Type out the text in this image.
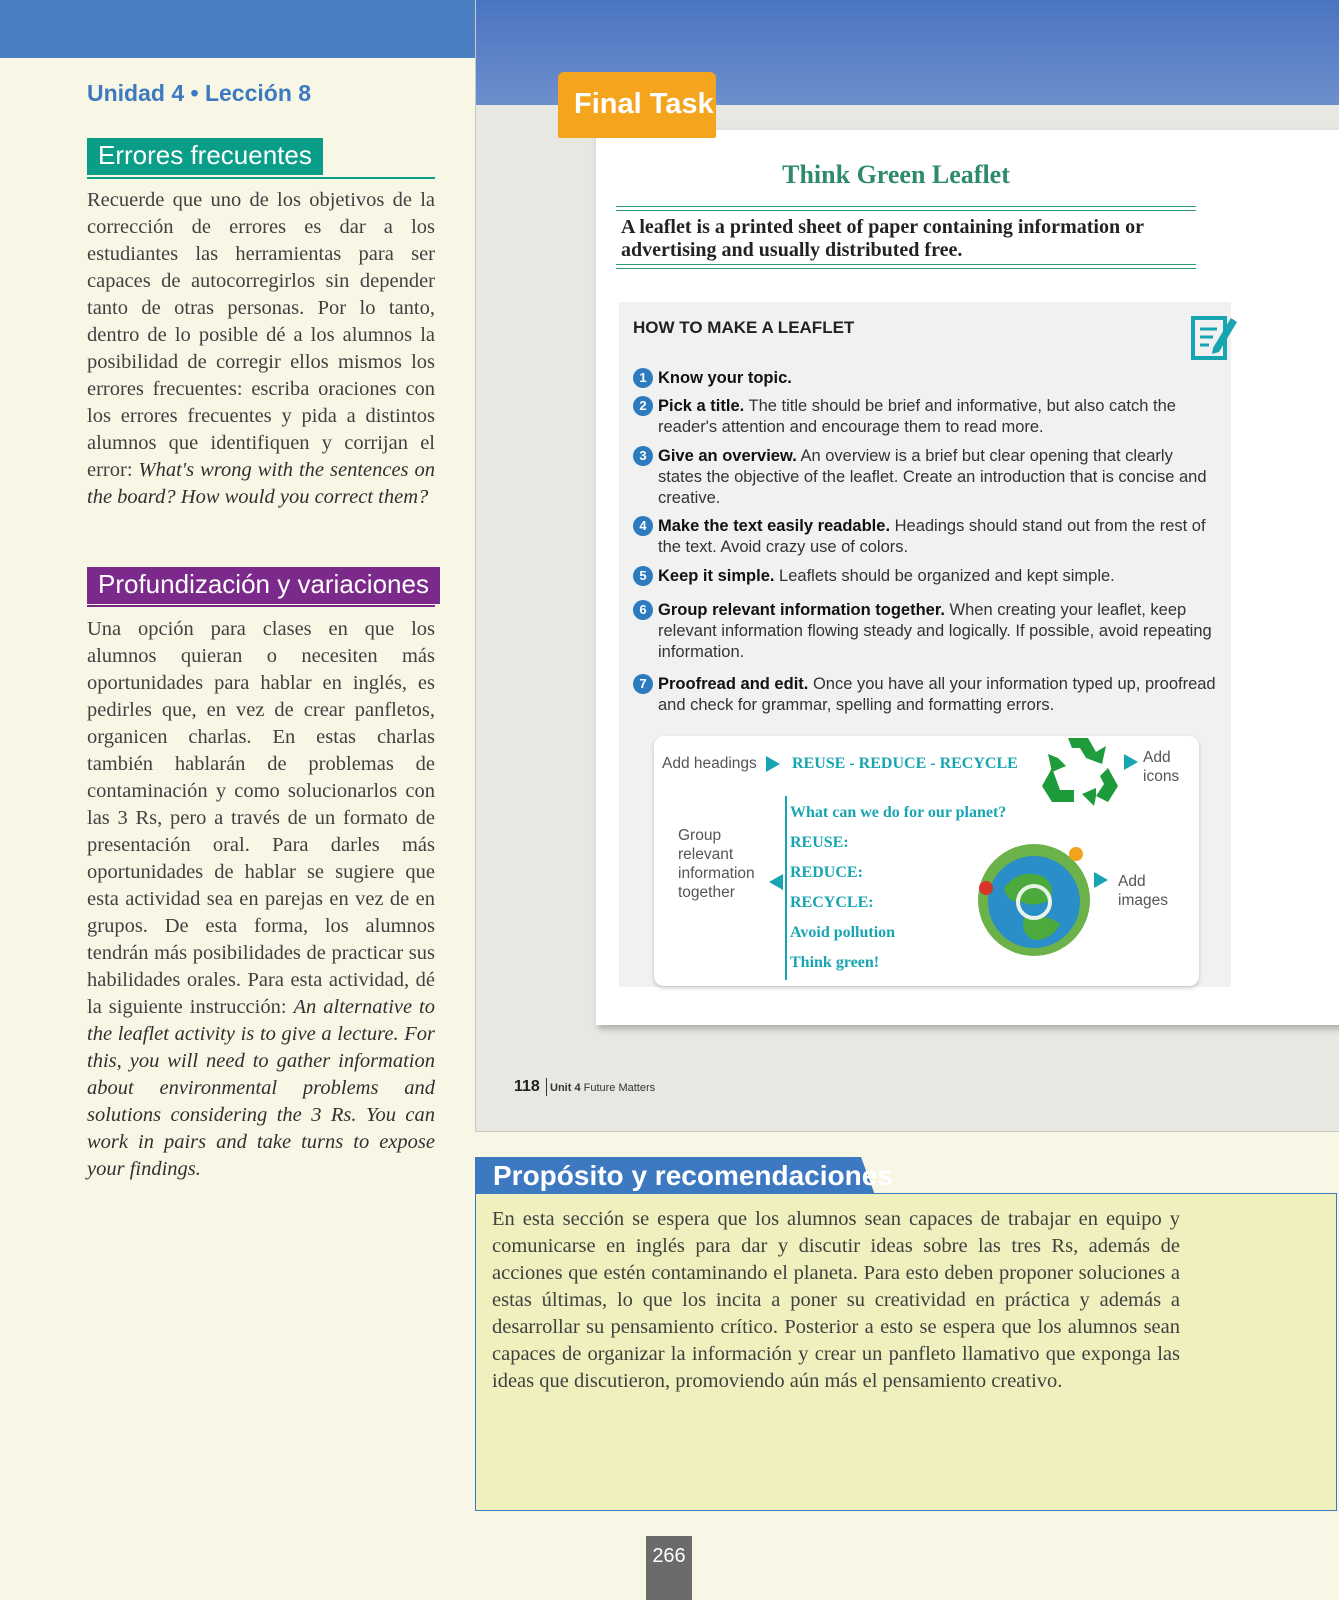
Unidad 4 • Lección 8
Errores frecuentes
Recuerde que uno de los objetivos de la corrección de errores es dar a los estudiantes las herramientas para ser capaces de autocorregirlos sin depender tanto de otras personas. Por lo tanto, dentro de lo posible dé a los alumnos la posibilidad de corregir ellos mismos los errores frecuentes: escriba oraciones con los errores frecuentes y pida a distintos alumnos que identifiquen y corrijan el error: What's wrong with the sentences on the board? How would you correct them?
Profundización y variaciones
Una opción para clases en que los alumnos quieran o necesiten más oportunidades para hablar en inglés, es pedirles que, en vez de crear panfletos, organicen charlas. En estas charlas también hablarán de problemas de contaminación y como solucionarlos con las 3 Rs, pero a través de un formato de presentación oral. Para darles más oportunidades de hablar se sugiere que esta actividad sea en parejas en vez de en grupos. De esta forma, los alumnos tendrán más posibilidades de practicar sus habilidades orales. Para esta actividad, dé la siguiente instrucción: An alternative to the leaflet activity is to give a lecture. For this, you will need to gather information about environmental problems and solutions considering the 3 Rs. You can work in pairs and take turns to expose your findings.
Final Task
Think Green Leaflet
A leaflet is a printed sheet of paper containing information or advertising and usually distributed free.
HOW TO MAKE A LEAFLET
1 Know your topic.
2 Pick a title. The title should be brief and informative, but also catch the reader's attention and encourage them to read more.
3 Give an overview. An overview is a brief but clear opening that clearly states the objective of the leaflet. Create an introduction that is concise and creative.
4 Make the text easily readable. Headings should stand out from the rest of the text. Avoid crazy use of colors.
5 Keep it simple. Leaflets should be organized and kept simple.
6 Group relevant information together. When creating your leaflet, keep relevant information flowing steady and logically. If possible, avoid repeating information.
7 Proofread and edit. Once you have all your information typed up, proofread and check for grammar, spelling and formatting errors.
Add headings REUSE - REDUCE - RECYCLE	Add icons
Group relevant information together
What can we do for our planet?
REUSE:
REDUCE:
RECYCLE:
Avoid pollution
Think green!
Add images
118 Unit 4 Future Matters
Propósito y recomendaciones
En esta sección se espera que los alumnos sean capaces de trabajar en equipo y comunicarse en inglés para dar y discutir ideas sobre las tres Rs, además de acciones que estén contaminando el planeta. Para esto deben proponer soluciones a estas últimas, lo que los incita a poner su creatividad en práctica y además a desarrollar su pensamiento crítico. Posterior a esto se espera que los alumnos sean capaces de organizar la información y crear un panfleto llamativo que exponga las ideas que discutieron, promoviendo aún más el pensamiento creativo.
266
